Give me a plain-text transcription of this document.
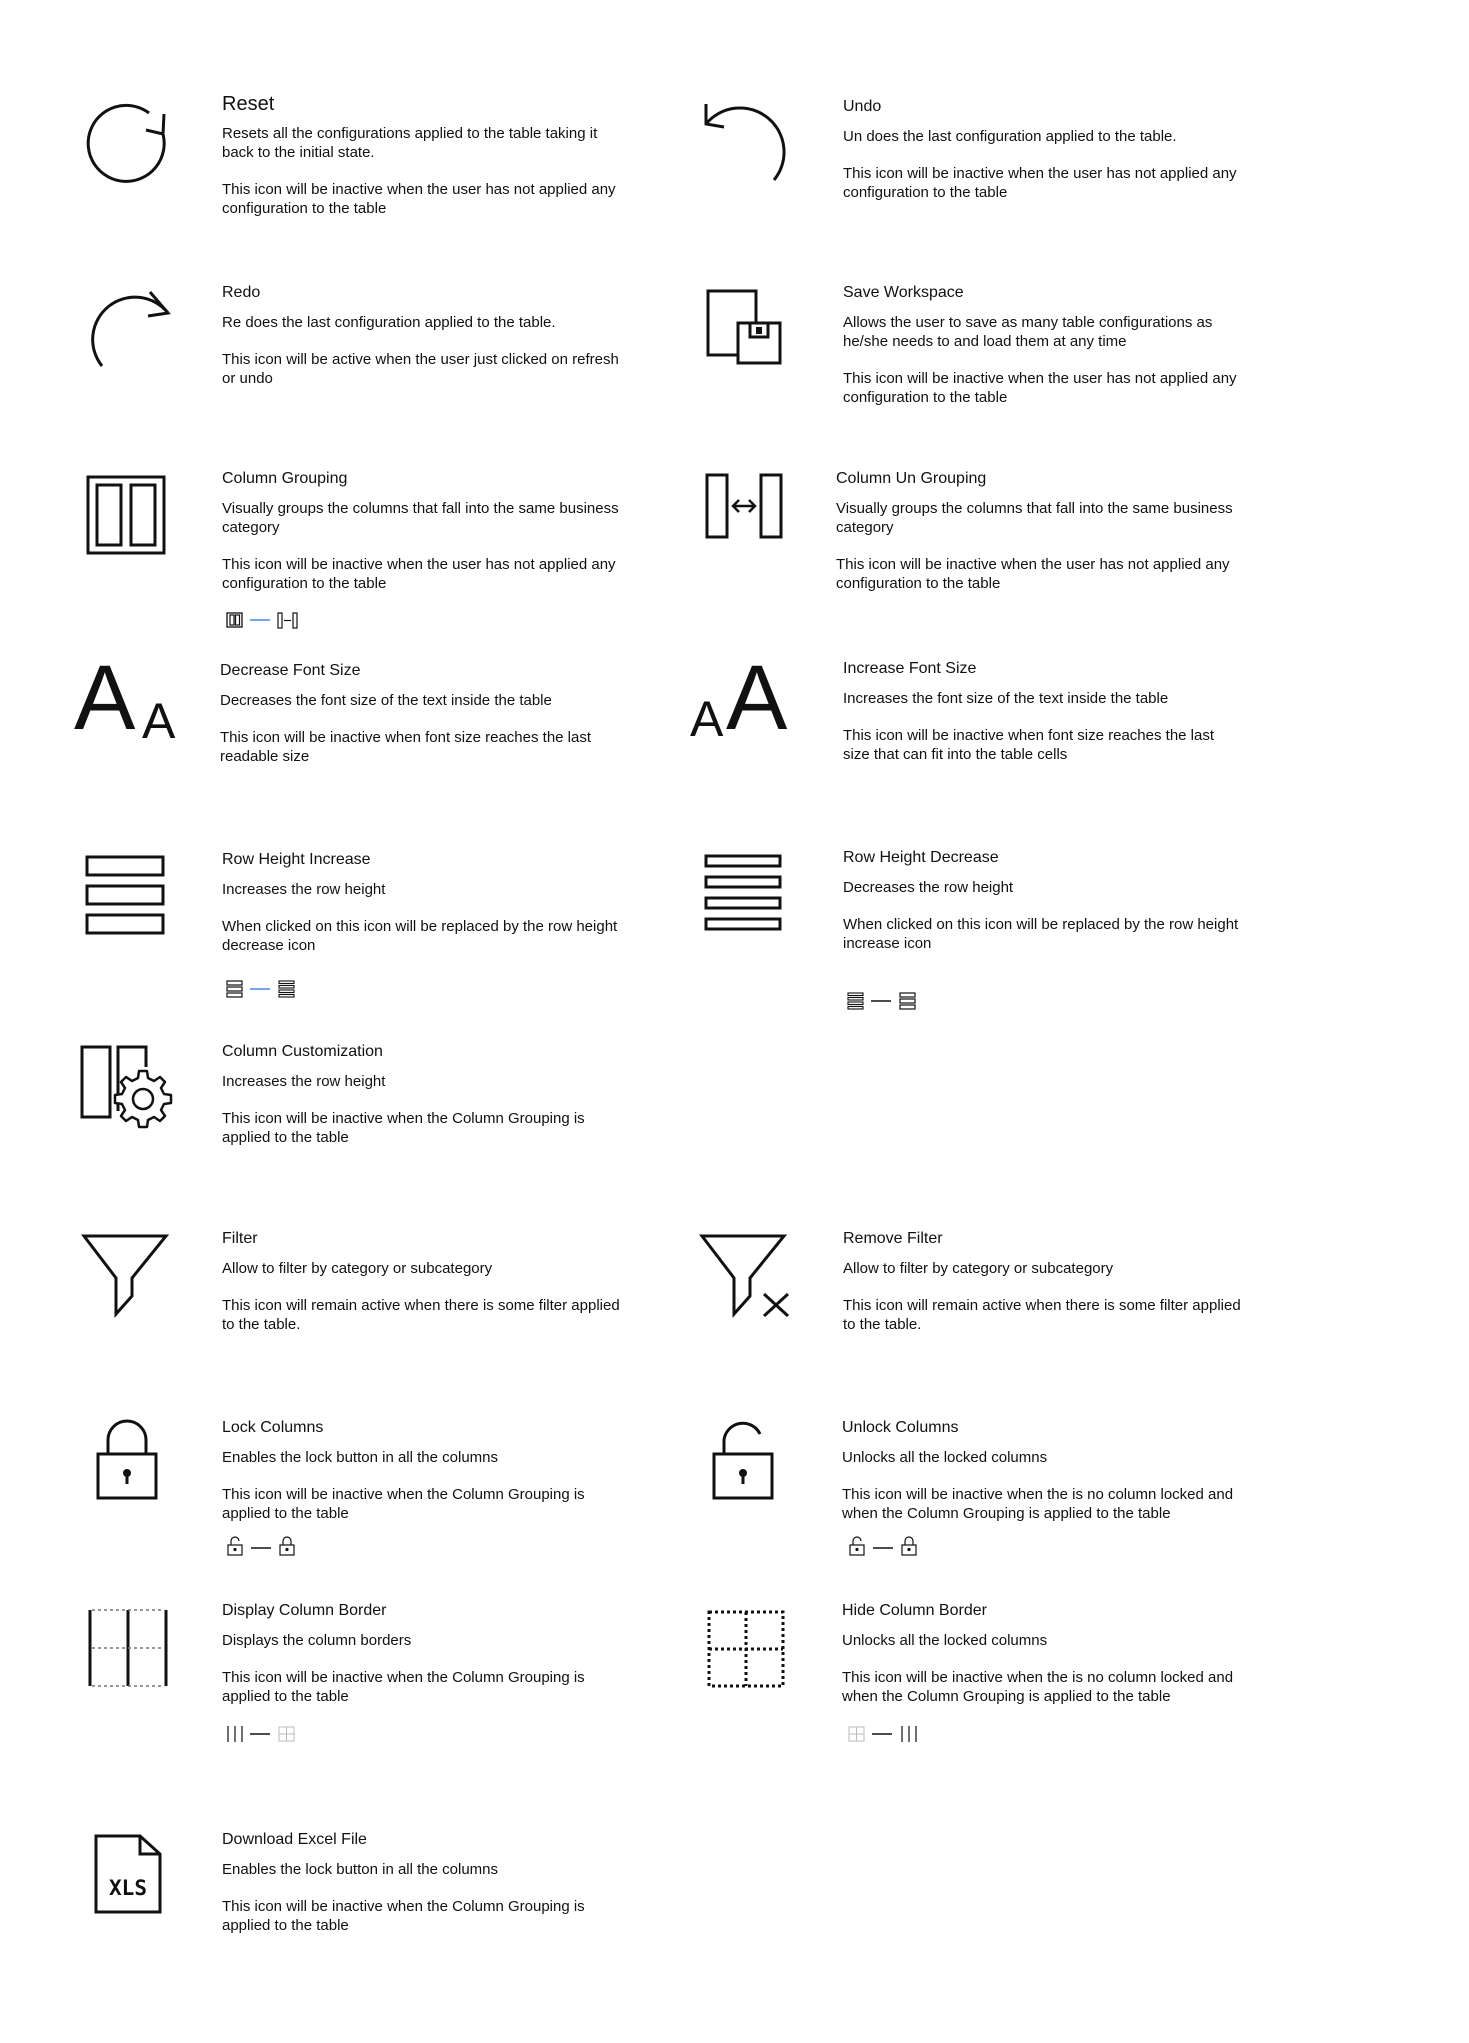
Reset
Resets all the configurations applied to the table taking it back to the initial state.
This icon will be inactive when the user has not applied any configuration to the table
Undo
Un does the last configuration applied to the table.
This icon will be inactive when the user has not applied any configuration to the table
Redo
Re does the last configuration applied to the table.
This icon will be active when the user just clicked on refresh or undo
Save Workspace
Allows the user to save as many table configurations as he/she needs to and load them at any time
This icon will be inactive when the user has not applied any configuration to the table
Column Grouping
Visually groups the columns that fall into the same business category
This icon will be inactive when the user has not applied any configuration to the table
Column Un Grouping
Visually groups the columns that fall into the same business category
This icon will be inactive when the user has not applied any configuration to the table
A A
Decrease Font Size
Decreases the font size of the text inside the table
This icon will be inactive when font size reaches the last readable size
A A	Increase Font Size
Increases the font size of the text inside the table
This icon will be inactive when font size reaches the last size that can fit into the table cells
Row Height Increase
Increases the row height
When clicked on this icon will be replaced by the row height decrease icon
Row Height Decrease
Decreases the row height
When clicked on this icon will be replaced by the row height increase icon
Column Customization
Increases the row height
This icon will be inactive when the Column Grouping is applied to the table
Filter
Allow to filter by category or subcategory
This icon will remain active when there is some filter applied to the table.
Remove Filter
Allow to filter by category or subcategory
This icon will remain active when there is some filter applied to the table.
Lock Columns
Enables the lock button in all the columns
This icon will be inactive when the Column Grouping is applied to the table
Unlock Columns
Unlocks all the locked columns
This icon will be inactive when the is no column locked and when the Column Grouping is applied to the table
Display Column Border
Displays the column borders
This icon will be inactive when the Column Grouping is applied to the table
Hide Column Border
Unlocks all the locked columns
This icon will be inactive when the is no column locked and when the Column Grouping is applied to the table
XLS
Download Excel File
Enables the lock button in all the columns
This icon will be inactive when the Column Grouping is applied to the table
